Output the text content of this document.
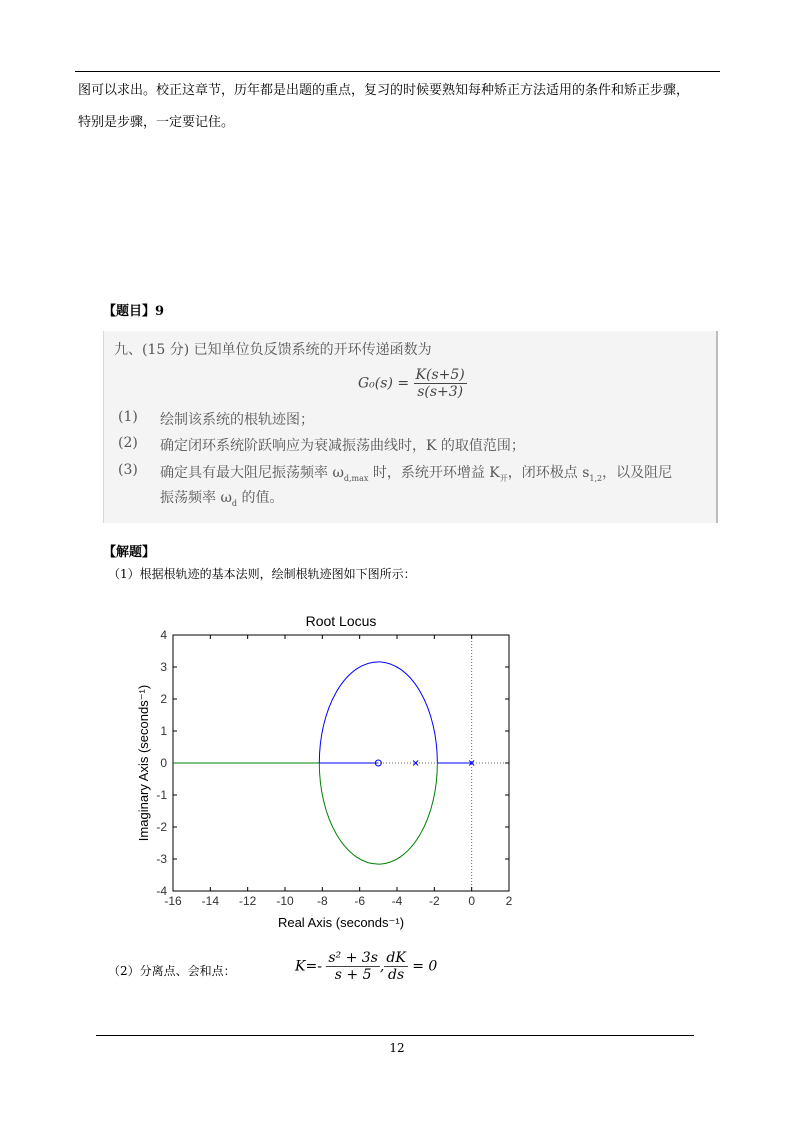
图可以求出。校正这章节，历年都是出题的重点，复习的时候要熟知每种矫正方法适用的条件和矫正步骤，
特别是步骤，一定要记住。
【题目】9
九、(15 分) 已知单位负反馈系统的开环传递函数为
$G_0(s) = \frac{K(s+5)}{s(s+3)}$
(1) 绘制该系统的根轨迹图；
(2) 确定闭环系统阶跃响应为衰减振荡曲线时，K 的取值范围；
(3) 确定具有最大阻尼振荡频率 $\omega_{d,max}$ 时，系统开环增益 $K_开$，闭环极点 $s_{1,2}$，以及阻尼
振荡频率 $\omega_d$ 的值。
【解题】
（1）根据根轨迹的基本法则，绘制根轨迹图如下图所示：
-16 -14 -12 -10 -8 -6 -4 -2 0	2
-4
-3
-2
-1
0
1
2
3
4
Root Locus
Real Axis (seconds⁻¹)
Imaginary Axis (seconds⁻¹)
（2）分离点、会和点：	$K=- \frac{\text{s² + 3s}}{s + 5}$ , $\frac{dK}{ds} = 0$
12
